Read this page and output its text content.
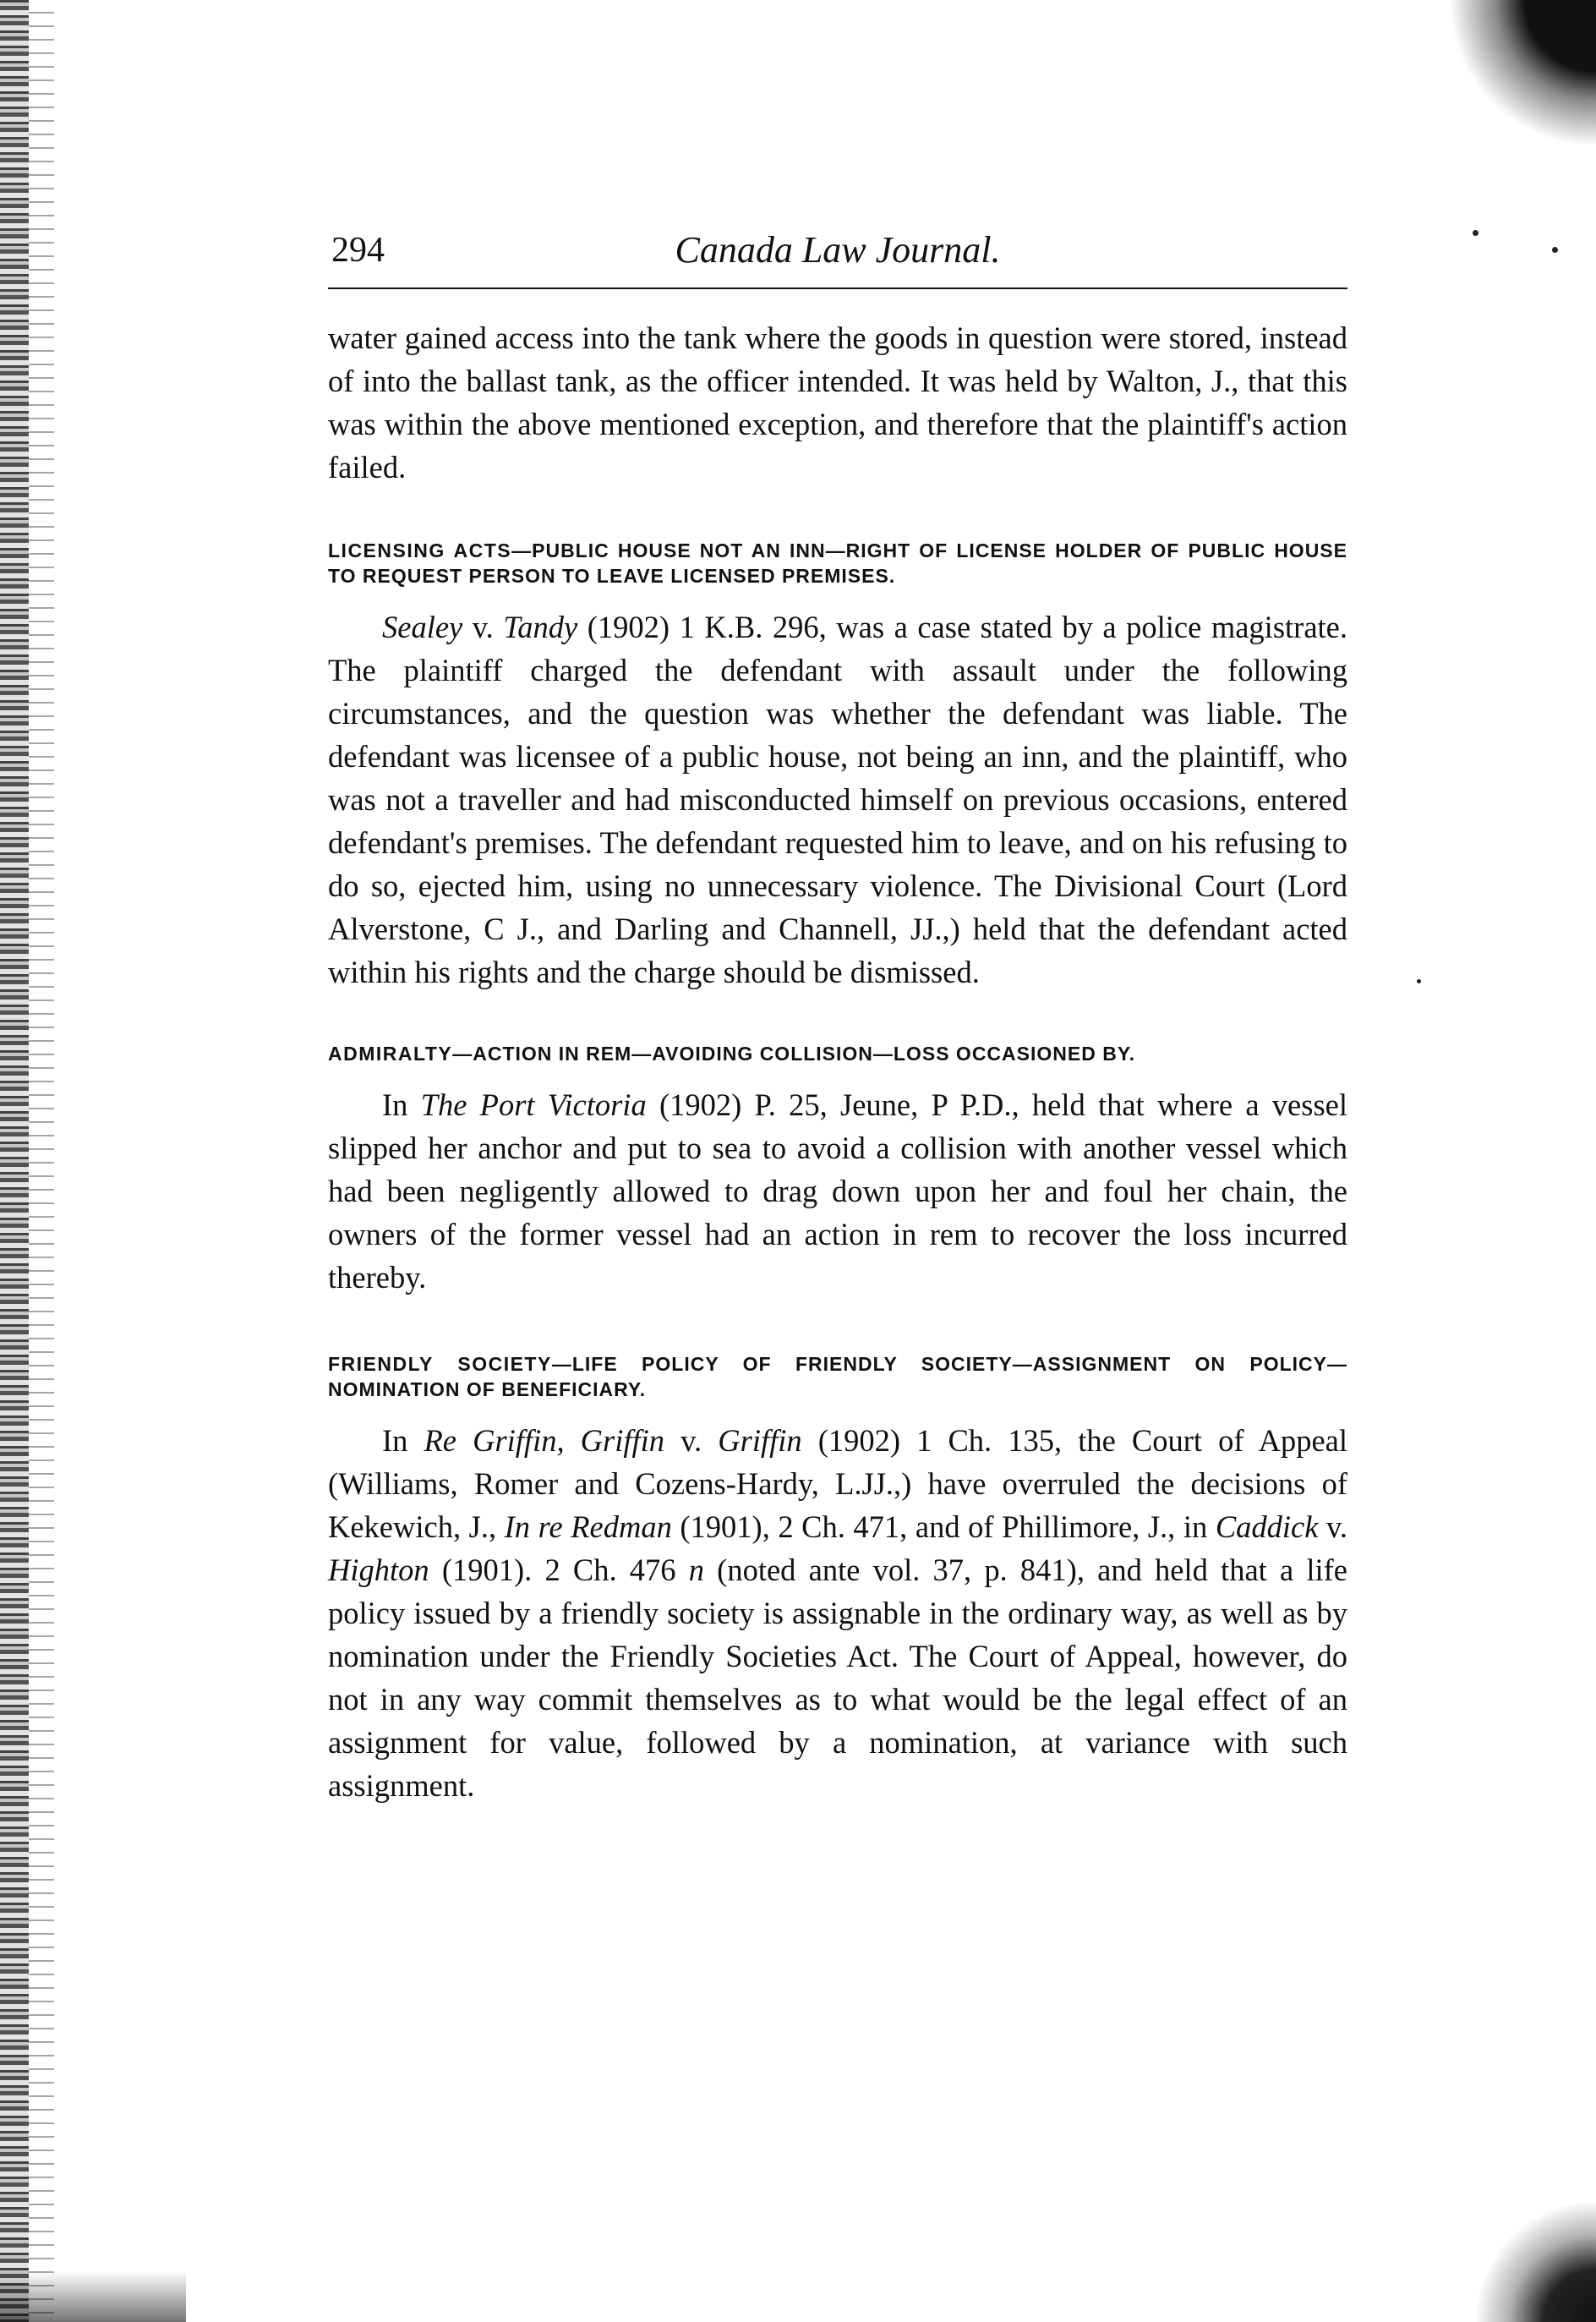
294	Canada Law Journal.

water gained access into the tank where the goods in question were stored, instead of into the ballast tank, as the officer intended. It was held by Walton, J., that this was within the above mentioned exception, and therefore that the plaintiff's action failed.

LICENSING ACTS—PUBLIC HOUSE NOT AN INN—RIGHT OF LICENSE HOLDER OF PUBLIC HOUSE TO REQUEST PERSON TO LEAVE LICENSED PREMISES.

Sealey v. Tandy (1902) 1 K.B. 296, was a case stated by a police magistrate. The plaintiff charged the defendant with assault under the following circumstances, and the question was whether the defendant was liable. The defendant was licensee of a public house, not being an inn, and the plaintiff, who was not a traveller and had misconducted himself on previous occasions, entered defendant's premises. The defendant requested him to leave, and on his refusing to do so, ejected him, using no unnecessary violence. The Divisional Court (Lord Alverstone, C J., and Darling and Channell, JJ.,) held that the defendant acted within his rights and the charge should be dismissed.

ADMIRALTY—ACTION IN REM—AVOIDING COLLISION—LOSS OCCASIONED BY.

In The Port Victoria (1902) P. 25, Jeune, P P.D., held that where a vessel slipped her anchor and put to sea to avoid a collision with another vessel which had been negligently allowed to drag down upon her and foul her chain, the owners of the former vessel had an action in rem to recover the loss incurred thereby.

FRIENDLY SOCIETY—LIFE POLICY OF FRIENDLY SOCIETY—ASSIGNMENT ON POLICY—NOMINATION OF BENEFICIARY.

In Re Griffin, Griffin v. Griffin (1902) 1 Ch. 135, the Court of Appeal (Williams, Romer and Cozens-Hardy, L.JJ.,) have overruled the decisions of Kekewich, J., In re Redman (1901), 2 Ch. 471, and of Phillimore, J., in Caddick v. Highton (1901). 2 Ch. 476 n (noted ante vol. 37, p. 841), and held that a life policy issued by a friendly society is assignable in the ordinary way, as well as by nomination under the Friendly Societies Act. The Court of Appeal, however, do not in any way commit themselves as to what would be the legal effect of an assignment for value, followed by a nomination, at variance with such assignment.
